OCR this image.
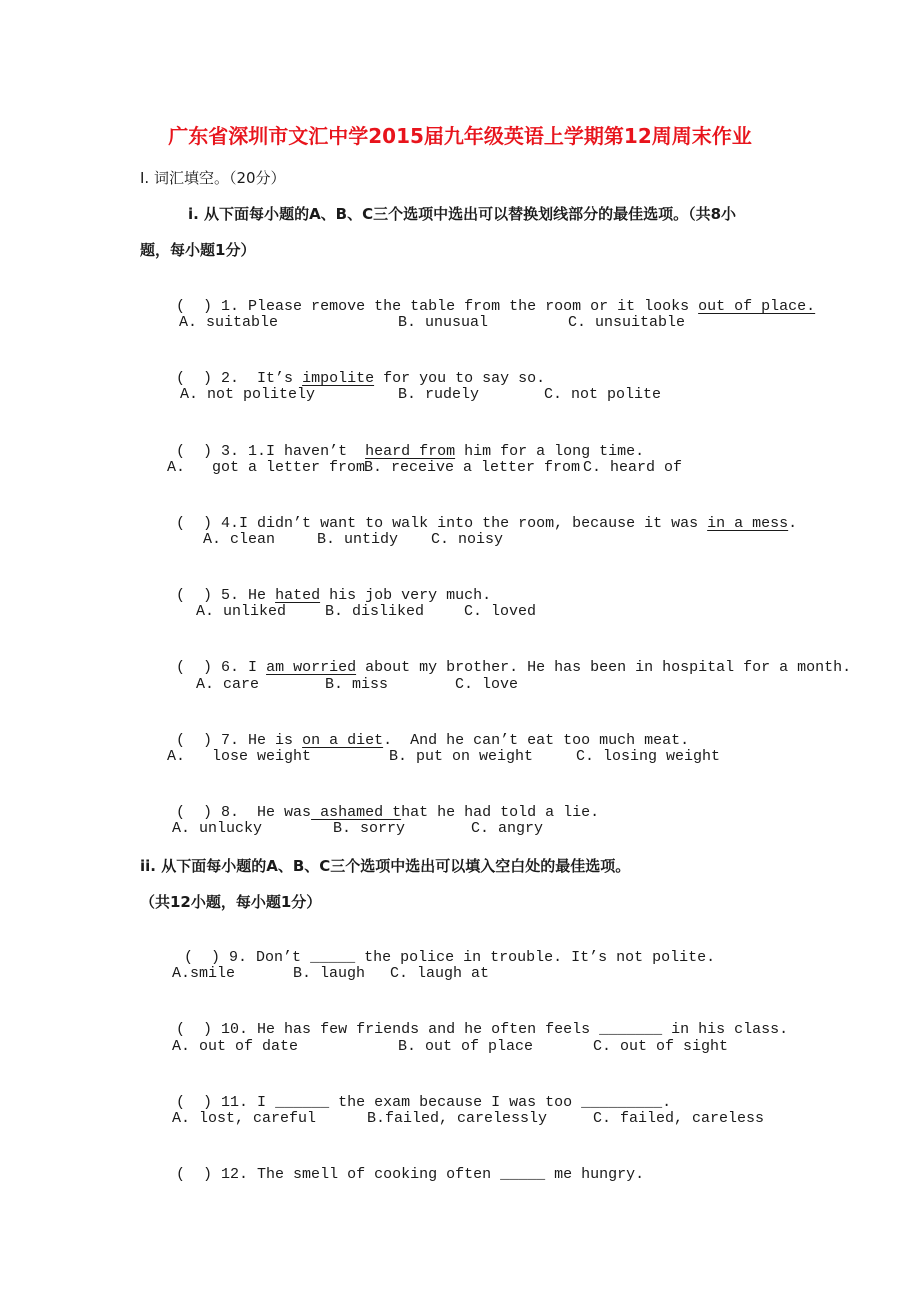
广东省深圳市文汇中学2015届九年级英语上学期第12周周末作业
I. 词汇填空。（20分）
i. 从下面每小题的A、B、C三个选项中选出可以替换划线部分的最佳选项。（共8小
题，每小题1分）

(  ) 1. Please remove the table from the room or it looks out of place.

A. suitable	B. unusual	C. unsuitable

(  ) 2.  It’s impolite for you to say so.

A. not politely	B. rudely	C. not polite

(  ) 3. 1.I haven’t  heard from him for a long time.

A.   got a letter from
B. receive a letter from C. heard of

(  ) 4.I didn’t want to walk into the room, because it was in a mess.

A. clean	B. untidy C. noisy

(  ) 5. He hated his job very much.

A. unliked	B. disliked	C. loved

(  ) 6. I am worried about my brother. He has been in hospital for a month.

A. care	B. miss	C. love

(  ) 7. He is on a diet.  And he can’t eat too much meat.

A.   lose weight	B. put on weight	C. losing weight

(  ) 8.  He was ashamed that he had told a lie.

A. unlucky	B. sorry	C. angry
ii. 从下面每小题的A、B、C三个选项中选出可以填入空白处的最佳选项。
（共12小题，每小题1分）

(  ) 9. Don’t _____ the police in trouble. It’s not polite.

A.smile	B. laugh C. laugh at

(  ) 10. He has few friends and he often feels _______ in his class.

A. out of date	B. out of place	C. out of sight

(  ) 11. I ______ the exam because I was too _________.

A. lost, careful	B.failed, carelessly	C. failed, careless

(  ) 12. The smell of cooking often _____ me hungry.
